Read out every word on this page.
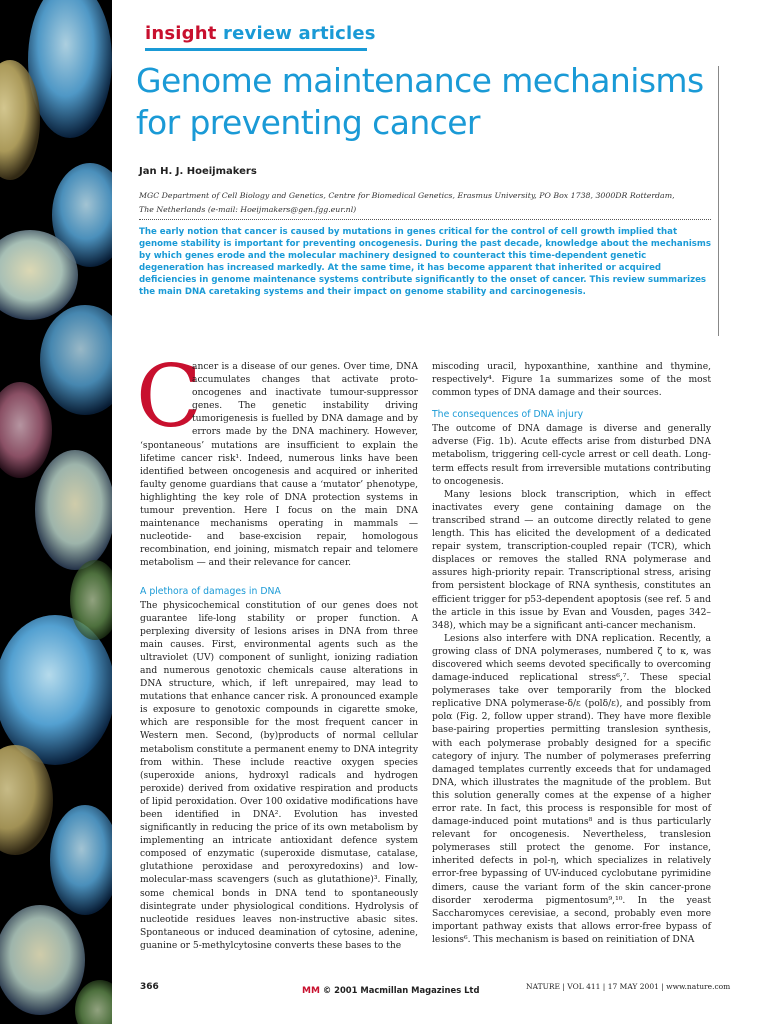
insight review articles
Genome maintenance mechanisms
for preventing cancer
Jan H. J. Hoeijmakers
MGC Department of Cell Biology and Genetics, Centre for Biomedical Genetics, Erasmus University, PO Box 1738, 3000DR Rotterdam,
The Netherlands (e-mail: Hoeijmakers@gen.fgg.eur.nl)
The early notion that cancer is caused by mutations in genes critical for the control of cell growth implied that genome stability is important for preventing oncogenesis. During the past decade, knowledge about the mechanisms by which genes erode and the molecular machinery designed to counteract this time-dependent genetic degeneration has increased markedly. At the same time, it has become apparent that inherited or acquired deficiencies in genome maintenance systems contribute significantly to the onset of cancer. This review summarizes the main DNA caretaking systems and their impact on genome stability and carcinogenesis.
C

ancer is a disease of our genes. Over time, DNA accumulates changes that activate proto-oncogenes and inactivate tumour-suppressor genes. The genetic instability driving tumorigenesis is fuelled by DNA damage and by errors made by the DNA machinery. However, ‘spontaneous’ mutations are insufficient to explain the lifetime cancer risk¹. Indeed, numerous links have been identified between oncogenesis and acquired or inherited faulty genome guardians that cause a ‘mutator’ phenotype, highlighting the key role of DNA protection systems in tumour prevention. Here I focus on the main DNA maintenance mechanisms operating in mammals — nucleotide- and base-excision repair, homologous recombination, end joining, mismatch repair and telomere metabolism — and their relevance for cancer.

A plethora of damages in DNA

The physicochemical constitution of our genes does not guarantee life-long stability or proper function. A perplexing diversity of lesions arises in DNA from three main causes. First, environmental agents such as the ultraviolet (UV) component of sunlight, ionizing radiation and numerous genotoxic chemicals cause alterations in DNA structure, which, if left unrepaired, may lead to mutations that enhance cancer risk. A pronounced example is exposure to genotoxic compounds in cigarette smoke, which are responsible for the most frequent cancer in Western men. Second, (by)products of normal cellular metabolism constitute a permanent enemy to DNA integrity from within. These include reactive oxygen species (superoxide anions, hydroxyl radicals and hydrogen peroxide) derived from oxidative respiration and products of lipid peroxidation. Over 100 oxidative modifications have been identified in DNA². Evolution has invested significantly in reducing the price of its own metabolism by implementing an intricate antioxidant defence system composed of enzymatic (superoxide dismutase, catalase, glutathione peroxidase and peroxyredoxins) and low-molecular-mass scavengers (such as glutathione)³. Finally, some chemical bonds in DNA tend to spontaneously disintegrate under physiological conditions. Hydrolysis of nucleotide residues leaves non-instructive abasic sites. Spontaneous or induced deamination of cytosine, adenine, guanine or 5-methylcytosine converts these bases to the

miscoding uracil, hypoxanthine, xanthine and thymine, respectively⁴. Figure 1a summarizes some of the most common types of DNA damage and their sources.

The consequences of DNA injury

The outcome of DNA damage is diverse and generally adverse (Fig. 1b). Acute effects arise from disturbed DNA metabolism, triggering cell-cycle arrest or cell death. Long-term effects result from irreversible mutations contributing to oncogenesis.

Many lesions block transcription, which in effect inactivates every gene containing damage on the transcribed strand — an outcome directly related to gene length. This has elicited the development of a dedicated repair system, transcription-coupled repair (TCR), which displaces or removes the stalled RNA polymerase and assures high-priority repair. Transcriptional stress, arising from persistent blockage of RNA synthesis, constitutes an efficient trigger for p53-dependent apoptosis (see ref. 5 and the article in this issue by Evan and Vousden, pages 342–348), which may be a significant anti-cancer mechanism.

Lesions also interfere with DNA replication. Recently, a growing class of DNA polymerases, numbered ζ to κ, was discovered which seems devoted specifically to overcoming damage-induced replicational stress⁶,⁷. These special polymerases take over temporarily from the blocked replicative DNA polymerase-δ/ε (polδ/ε), and possibly from polα (Fig. 2, follow upper strand). They have more flexible base-pairing properties permitting translesion synthesis, with each polymerase probably designed for a specific category of injury. The number of polymerases preferring damaged templates currently exceeds that for undamaged DNA, which illustrates the magnitude of the problem. But this solution generally comes at the expense of a higher error rate. In fact, this process is responsible for most of damage-induced point mutations⁸ and is thus particularly relevant for oncogenesis. Nevertheless, translesion polymerases still protect the genome. For instance, inherited defects in pol-η, which specializes in relatively error-free bypassing of UV-induced cyclobutane pyrimidine dimers, cause the variant form of the skin cancer-prone disorder xeroderma pigmentosum⁹,¹⁰. In the yeast Saccharomyces cerevisiae, a second, probably even more important pathway exists that allows error-free bypass of lesions⁶. This mechanism is based on reinitiation of DNA

366	MM © 2001 Macmillan Magazines Ltd	NATURE | VOL 411 | 17 MAY 2001 | www.nature.com
